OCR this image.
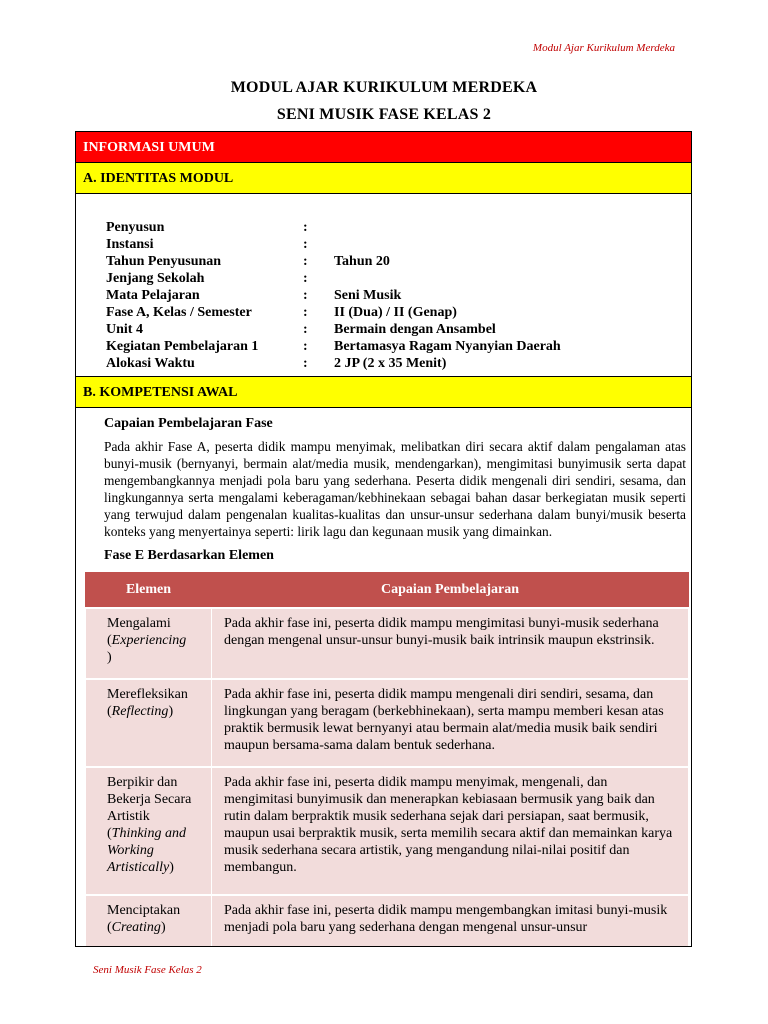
Modul Ajar Kurikulum Merdeka
MODUL AJAR KURIKULUM MERDEKA
SENI MUSIK FASE KELAS 2
INFORMASI UMUM
A. IDENTITAS MODUL
Penyusun	:
Instansi	:
Tahun Penyusunan	:	Tahun 20
Jenjang Sekolah	:
Mata Pelajaran	:	Seni Musik
Fase A, Kelas / Semester	:	II (Dua) / II (Genap)
Unit 4	:	Bermain dengan Ansambel
Kegiatan Pembelajaran 1	:	Bertamasya Ragam Nyanyian Daerah
Alokasi Waktu	:	2 JP (2 x 35 Menit)
B. KOMPETENSI AWAL
Capaian Pembelajaran Fase
Pada akhir Fase A, peserta didik mampu menyimak, melibatkan diri secara aktif dalam pengalaman atas bunyi-musik (bernyanyi, bermain alat/media musik, mendengarkan), mengimitasi bunyimusik serta dapat mengembangkannya menjadi pola baru yang sederhana. Peserta didik mengenali diri sendiri, sesama, dan lingkungannya serta mengalami keberagaman/kebhinekaan sebagai bahan dasar berkegiatan musik seperti yang terwujud dalam pengenalan kualitas-kualitas dan unsur-unsur sederhana dalam bunyi/musik beserta konteks yang menyertainya seperti: lirik lagu dan kegunaan musik yang dimainkan.
Fase E Berdasarkan Elemen
Elemen	Capaian Pembelajaran
Mengalami
(Experiencing
)	Pada akhir fase ini, peserta didik mampu mengimitasi bunyi-musik sederhana dengan mengenal unsur-unsur bunyi-musik baik intrinsik maupun ekstrinsik.
Merefleksikan
(Reflecting)	Pada akhir fase ini, peserta didik mampu mengenali diri sendiri, sesama, dan lingkungan yang beragam (berkebhinekaan), serta mampu memberi kesan atas praktik bermusik lewat bernyanyi atau bermain alat/media musik baik sendiri maupun bersama-sama dalam bentuk sederhana.
Berpikir dan Bekerja Secara Artistik
(Thinking and Working Artistically)	Pada akhir fase ini, peserta didik mampu menyimak, mengenali, dan mengimitasi bunyimusik dan menerapkan kebiasaan bermusik yang baik dan rutin dalam berpraktik musik sederhana sejak dari persiapan, saat bermusik, maupun usai berpraktik musik, serta memilih secara aktif dan memainkan karya musik sederhana secara artistik, yang mengandung nilai-nilai positif dan membangun.
Menciptakan
(Creating)	Pada akhir fase ini, peserta didik mampu mengembangkan imitasi bunyi-musik menjadi pola baru yang sederhana dengan mengenal unsur-unsur
Seni Musik Fase Kelas 2
